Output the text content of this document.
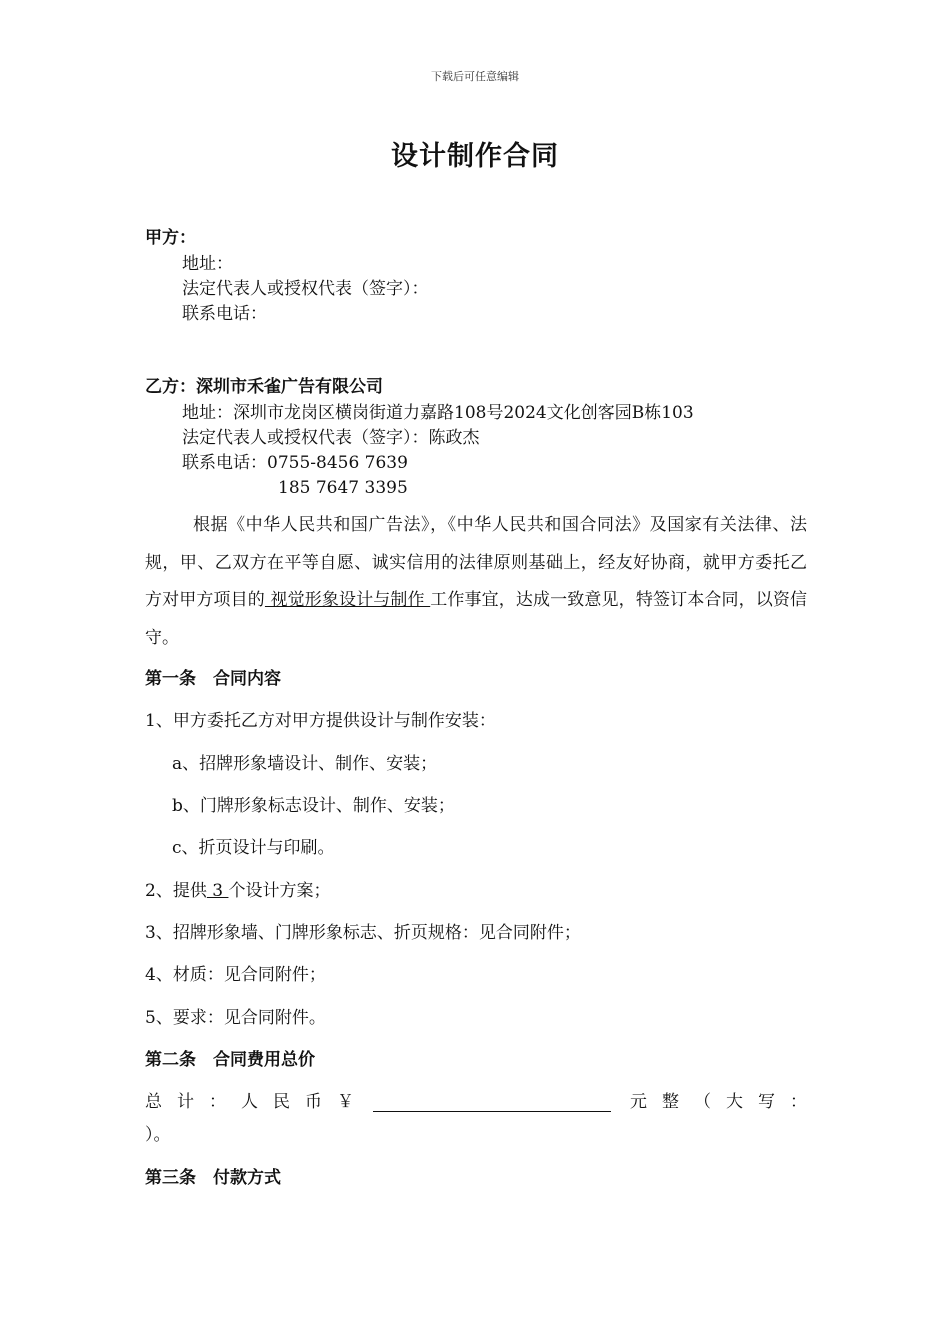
下载后可任意编辑
设计制作合同
甲方：
地址：
法定代表人或授权代表（签字）：
联系电话：
乙方：深圳市禾雀广告有限公司
地址：深圳市龙岗区横岗街道力嘉路108号2024文化创客园B栋103
法定代表人或授权代表（签字）：陈政杰
联系电话：0755-8456 7639
185 7647 3395
根据《中华人民共和国广告法》，《中华人民共和国合同法》及国家有关法律、法规，甲、乙双方在平等自愿、诚实信用的法律原则基础上，经友好协商，就甲方委托乙方对甲方项目的 视觉形象设计与制作 工作事宜，达成一致意见，特签订本合同，以资信守。
第一条　合同内容
1、甲方委托乙方对甲方提供设计与制作安装：
a、招牌形象墙设计、制作、安装；
b、门牌形象标志设计、制作、安装；
c、折页设计与印刷。
2、提供 3 个设计方案；
3、招牌形象墙、门牌形象标志、折页规格：见合同附件；
4、材质：见合同附件；
5、要求：见合同附件。
第二条　合同费用总价
总 计 ： 人 民 币 ￥	元 整 （ 大 写 ：
）。
第三条　付款方式
